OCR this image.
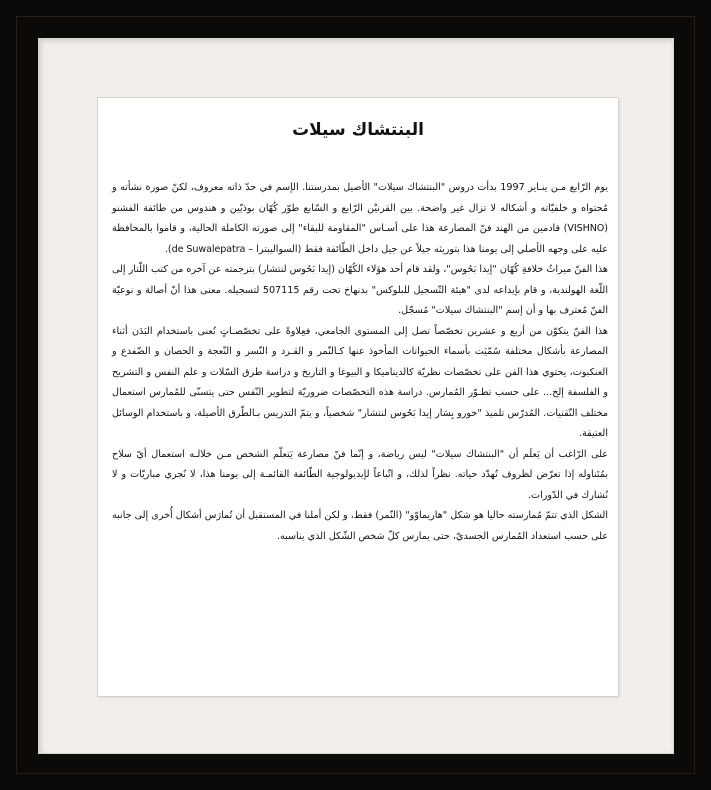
البنتشاك سيلات

يوم الرّابع مـن ينـاير 1997 بدأت دروس "البنتشاك سيلات" الأصيل بمدرستنا. الإسم في حدّ ذاته معروف، لكنّ صورة نشأته و مُحتواه و خلفيّاته و أشكاله لا تزال غير واضحة. بين القرنيْن الرّابع و السّابع طوّر كُهّان بوذيّين و هندوس من طائفة الفشنو (VISHNO) قادمين من الهند فنّ المصارعة هذا على أسـاس "المقاومة للبقاء" إلى صورته الكاملة الحالية، و قاموا بالمحافظة عليه على وجهه الأصلي إلى يومنا هذا بتوريثه جيلاً عن جيل داخل الطّائفة فقط (السواليبترا – de Suwalepatra).

هذا الفنّ ميراثُ خلافةِ كُهّان "إيدا بَحُوس"، ولقد قام أحد هؤلاء الكُهّان (إيدا بَحُوس لنتشار) بترجمته عن آخره من كتب اللّتار إلى اللّغة الهولندية، و قام بإيداعه لدى "هيئة التّسجيل للبلوكس" بدنهاخ تحت رقم 507115 لتسجيله. معنى هذا أنّ أصالة و نوعيّة الفنّ مُعترف بها و أن إسم "البنتشاك سيلات" مُسجّل.

هذا الفنّ يتكوّن من أربع و عشرين تخصّصاً تصل إلى المستوى الجامعي، فعِلاوةً على تخصّصـاتٍ تُعنى باستخدام البَدَن أثناء المصارعة بأشكال مختلفة سُمّيَت بأسماء الحيوانات المأخوذ عنها كـالنّمر و القـرد و النّسر و النّعجة و الحصان و الضّفدع و العنكبوت، يحتوي هذا الفن على تخصّصات نظريّة كالديناميكا و البيوغا و التاريخ و دراسة طرق السّلات و علم النفس و التشريح و الفلسفة إلخ... على حسب تطـوّر المُمارس. دراسة هذه التخصّصات ضروريّة لتطوير النّفس حتى يتسنّى للمُمارس استعمال مختلف التّقنيات. المُدرّس تلميذ "خورو بِسَار إيدا بَحُوس لنتشار" شخصياً، و يتمّ التدريس بـالطّرق الأصيلة، و باستخدام الوسائل العتيقة.

على الرّاغب أن يَعلَم أن "البنتشاك سيلات" ليس رياضة، و إنّما فنّ مصارعة يَتعلّم الشخص مـن خلالـه استعمال أيّ سلاح بمُتَناوله إذا تعرّض لظروف تُهدّد حياته. نظراً لذلك، و اتّباعاً لإيديولوجية الطّائفة القائمـة إلى يومنا هذا، لا نُجري مباريّات و لا نُشارك في الدّورات.

الشكل الذي تتمّ مُمارسته حاليا هو شكل "هاريماوّو" (النّمر) فقط، و لكن أملنا في المستقبل أن تُمارَس أشكال أُخرى إلى جانبه على حسب استعداد المُمارس الجسديّ، حتى يمارس كلّ شخص الشّكل الذي يناسبه.
